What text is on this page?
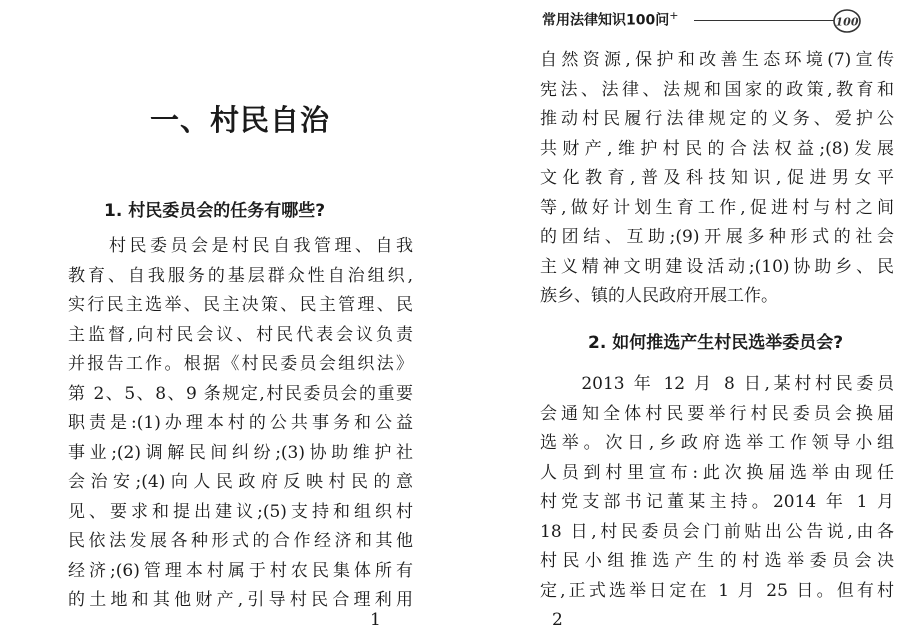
一、村民自治
1. 村民委员会的任务有哪些?
　　村民委员会是村民自我管理、自我
教育、自我服务的基层群众性自治组织,
实行民主选举、民主决策、民主管理、民
主监督,向村民会议、村民代表会议负责
并报告工作。根据《村民委员会组织法》
第 2、5、8、9 条规定,村民委员会的重要
职责是:(1)办理本村的公共事务和公益
事业;(2)调解民间纠纷;(3)协助维护社
会治安;(4)向人民政府反映村民的意
见、要求和提出建议;(5)支持和组织村
民依法发展各种形式的合作经济和其他
经济;(6)管理本村属于村农民集体所有
的土地和其他财产,引导村民合理利用
1
常用法律知识100问+	100
自然资源,保护和改善生态环境(7)宣传
宪法、法律、法规和国家的政策,教育和
推动村民履行法律规定的义务、爱护公
共财产,维护村民的合法权益;(8)发展
文化教育,普及科技知识,促进男女平
等,做好计划生育工作,促进村与村之间
的团结、互助;(9)开展多种形式的社会
主义精神文明建设活动;(10)协助乡、民
族乡、镇的人民政府开展工作。
2. 如何推选产生村民选举委员会?
　　2013 年 12 月 8 日,某村村民委员
会通知全体村民要举行村民委员会换届
选举。次日,乡政府选举工作领导小组
人员到村里宣布:此次换届选举由现任
村党支部书记董某主持。2014 年 1 月
18 日,村民委员会门前贴出公告说,由各
村民小组推选产生的村选举委员会决
定,正式选举日定在 1 月 25 日。但有村
2
